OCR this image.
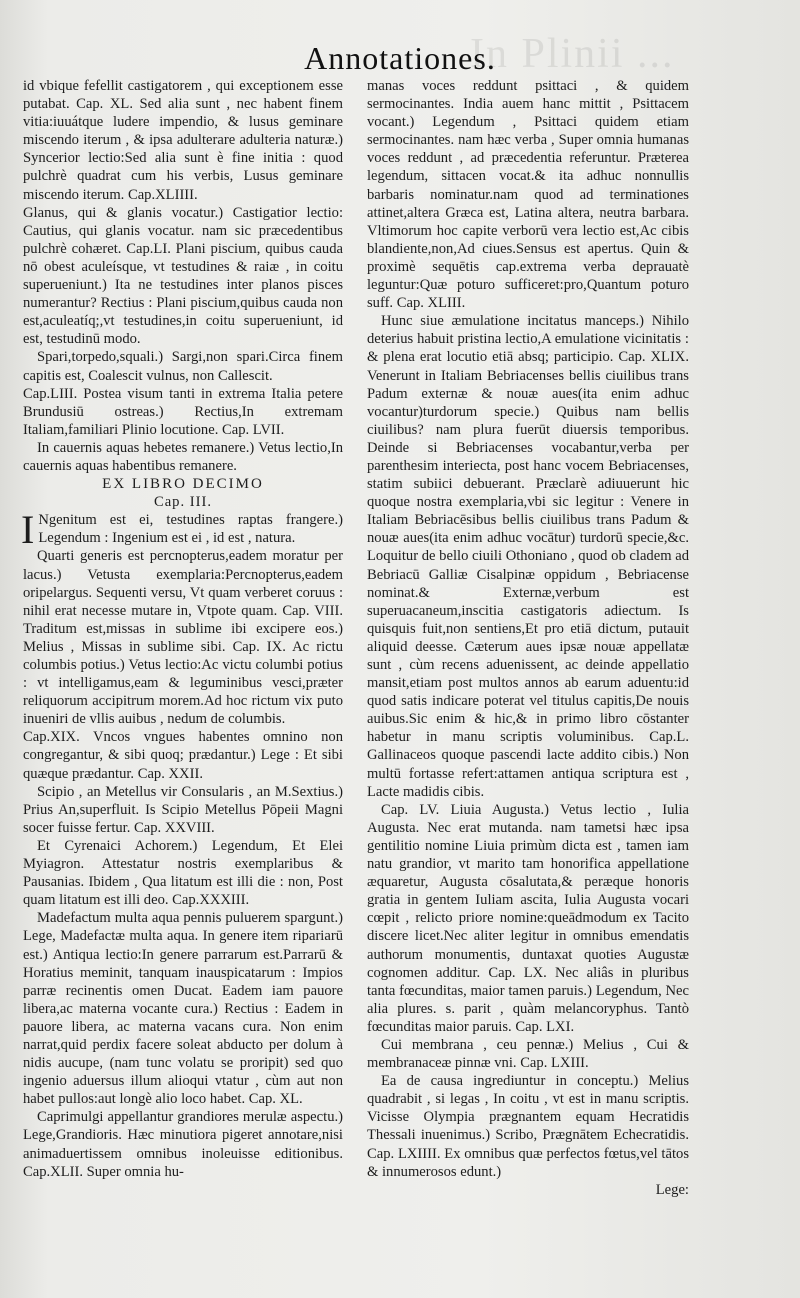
In Plinii ...
Annotationes.

id vbique fefellit castigatorem , qui exceptionem esse putabat. Cap. XL. Sed alia sunt , nec habent finem vitia:iuuátque ludere impendio, & lusus geminare miscendo iterum , & ipsa adulterare adulteria naturæ.) Syncerior lectio:Sed alia sunt è fine initia : quod pulchrè quadrat cum his verbis, Lusus geminare miscendo iterum. Cap.XLIIII.

Glanus, qui & glanis vocatur.) Castigatior lectio: Cautius, qui glanis vocatur. nam sic præcedentibus pulchrè cohæret. Cap.LI. Plani piscium, quibus cauda nō obest aculeísque, vt testudines & raiæ , in coitu superueniunt.) Ita ne testudines inter planos pisces numerantur? Rectius : Plani piscium,quibus cauda non est,aculeatíq;,vt testudines,in coitu superueniunt, id est, testudinū modo.

Spari,torpedo,squali.) Sargi,non spari.Circa finem capitis est, Coalescit vulnus, non Callescit.

Cap.LIII. Postea visum tanti in extrema Italia petere Brundusiū ostreas.) Rectius,In extremam Italiam,familiari Plinio locutione. Cap. LVII.

In cauernis aquas hebetes remanere.) Vetus lectio,In cauernis aquas habentibus remanere.

EX LIBRO DECIMO

Cap. III.

I Ngenitum est ei, testudines raptas frangere.) Legendum : Ingenium est ei , id est , natura.

Quarti generis est percnopterus,eadem moratur per lacus.) Vetusta exemplaria:Percnopterus,eadem oripelargus. Sequenti versu, Vt quam verberet coruus : nihil erat necesse mutare in, Vtpote quam. Cap. VIII. Traditum est,missas in sublime ibi excipere eos.) Melius , Missas in sublime sibi. Cap. IX. Ac rictu columbis potius.) Vetus lectio:Ac victu columbi potius : vt intelligamus,eam & leguminibus vesci,præter reliquorum accipitrum morem.Ad hoc rictum vix puto inueniri de vllis auibus , nedum de columbis.

Cap.XIX. Vncos vngues habentes omnino non congregantur, & sibi quoq; prædantur.) Lege : Et sibi quæque prædantur. Cap. XXII.

Scipio , an Metellus vir Consularis , an M.Sextius.) Prius An,superfluit. Is Scipio Metellus Pōpeii Magni socer fuisse fertur. Cap. XXVIII.

Et Cyrenaici Achorem.) Legendum, Et Elei Myiagron. Attestatur nostris exemplaribus & Pausanias. Ibidem , Qua litatum est illi die : non, Post quam litatum est illi deo. Cap.XXXIII.

Madefactum multa aqua pennis puluerem spargunt.) Lege, Madefactæ multa aqua. In genere item ripariarū est.) Antiqua lectio:In genere parrarum est.Parrarū & Horatius meminit, tanquam inauspicatarum : Impios parræ recinentis omen Ducat. Eadem iam pauore libera,ac materna vocante cura.) Rectius : Eadem in pauore libera, ac materna vacans cura. Non enim narrat,quid perdix facere soleat abducto per dolum à nidis aucupe, (nam tunc volatu se proripit) sed quo ingenio aduersus illum alioqui vtatur , cùm aut non habet pullos:aut longè alio loco habet. Cap. XL.

Caprimulgi appellantur grandiores merulæ aspectu.) Lege,Grandioris. Hæc minutiora pigeret annotare,nisi animaduertissem omnibus inoleuisse editionibus. Cap.XLII. Super omnia hu-

manas voces reddunt psittaci , & quidem sermocinantes. India auem hanc mittit , Psittacem vocant.) Legendum , Psittaci quidem etiam sermocinantes. nam hæc verba , Super omnia humanas voces reddunt , ad præcedentia referuntur. Præterea legendum, sittacen vocat.& ita adhuc nonnullis barbaris nominatur.nam quod ad terminationes attinet,altera Græca est, Latina altera, neutra barbara. Vltimorum hoc capite verborū vera lectio est,Ac cibis blandiente,non,Ad ciues.Sensus est apertus. Quin & proximè sequētis cap.extrema verba deprauatè leguntur:Quæ poturo sufficeret:pro,Quantum poturo suff. Cap. XLIII.

Hunc siue æmulatione incitatus manceps.) Nihilo deterius habuit pristina lectio,A emulatione vicinitatis : & plena erat locutio etiā absq; participio. Cap. XLIX. Venerunt in Italiam Bebriacenses bellis ciuilibus trans Padum externæ & nouæ aues(ita enim adhuc vocantur)turdorum specie.) Quibus nam bellis ciuilibus? nam plura fuerūt diuersis temporibus. Deinde si Bebriacenses vocabantur,verba per parenthesim interiecta, post hanc vocem Bebriacenses, statim subiici debuerant. Præclarè adiuuerunt hic quoque nostra exemplaria,vbi sic legitur : Venere in Italiam Bebriacēsibus bellis ciuilibus trans Padum & nouæ aues(ita enim adhuc vocātur) turdorū specie,&c. Loquitur de bello ciuili Othoniano , quod ob cladem ad Bebriacū Galliæ Cisalpinæ oppidum , Bebriacense nominat.& Externæ,verbum est superuacaneum,inscitia castigatoris adiectum. Is quisquis fuit,non sentiens,Et pro etiā dictum, putauit aliquid deesse. Cæterum aues ipsæ nouæ appellatæ sunt , cùm recens aduenissent, ac deinde appellatio mansit,etiam post multos annos ab earum aduentu:id quod satis indicare poterat vel titulus capitis,De nouis auibus.Sic enim & hic,& in primo libro cōstanter habetur in manu scriptis voluminibus. Cap.L. Gallinaceos quoque pascendi lacte addito cibis.) Non multū fortasse refert:attamen antiqua scriptura est , Lacte madidis cibis.

Cap. LV. Liuia Augusta.) Vetus lectio , Iulia Augusta. Nec erat mutanda. nam tametsi hæc ipsa gentilitio nomine Liuia primùm dicta est , tamen iam natu grandior, vt marito tam honorifica appellatione æquaretur, Augusta cōsalutata,& peræque honoris gratia in gentem Iuliam ascita, Iulia Augusta vocari cœpit , relicto priore nomine:queādmodum ex Tacito discere licet.Nec aliter legitur in omnibus emendatis authorum monumentis, duntaxat quoties Augustæ cognomen additur. Cap. LX. Nec aliâs in pluribus tanta fœcunditas, maior tamen paruis.) Legendum, Nec alia plures. s. parit , quàm melancoryphus. Tantò fœcunditas maior paruis. Cap. LXI.

Cui membrana , ceu pennæ.) Melius , Cui & membranaceæ pinnæ vni. Cap. LXIII.

Ea de causa ingrediuntur in conceptu.) Melius quadrabit , si legas , In coitu , vt est in manu scriptis. Vicisse Olympia prægnantem equam Hecratidis Thessali inuenimus.) Scribo, Prægnātem Echecratidis. Cap. LXIIII. Ex omnibus quæ perfectos fœtus,vel tātos & innumerosos edunt.)

Lege:
